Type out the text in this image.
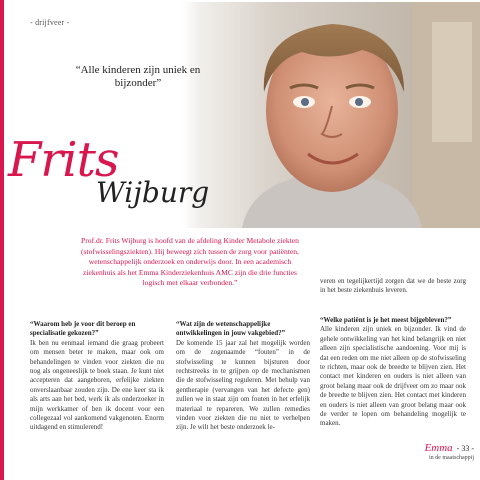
- drijfveer -
“Alle kinderen zijn uniek en bijzonder”
Frits
Wijburg
Prof.dr. Frits Wijburg is hoofd van de afdeling Kinder Metabole ziekten (stofwisselingsziekten). Hij beweegt zich tussen de zorg voor patiënten, wetenschappelijk onderzoek en onderwijs door. In een academisch ziekenhuis als het Emma Kinderziekenhuis AMC zijn die drie functies logisch met elkaar verbonden.”	veren en tegelijkertijd zorgen dat we de beste zorg in het beste ziekenhuis leveren.
“Waarom heb je voor dit beroep en specialisatie gekozen?”
Ik ben nu eenmaal iemand die graag probeert om mensen beter te maken, maar ook om behandelingen te vinden voor ziekten die nu nog als ongeneeslijk te boek staan. Je kunt niet accepteren dat aangeboren, erfelijke ziekten onverslaanbaar zouden zijn. De ene keer sta ik als arts aan het bed, werk ik als onderzoeker in mijn werkkamer of ben ik docent voor een collegezaal vol aankomend vakgenoten. Enorm uitdagend en stimulerend!
“Wat zijn de wetenschappelijke ontwikkelingen in jouw vakgebied?”
De komende 15 jaar zal het mogelijk worden om de zogenaamde “fouten” in de stofwisseling te kunnen bijsturen door rechtstreeks in te grijpen op de mechanismen die de stofwisseling reguleren. Met behulp van gentherapie (vervangen van het defecte gen) zullen we in staat zijn om fouten in het erfelijk materiaal te repareren. We zullen remedies vinden voor ziekten die nu niet te verhelpen zijn. Je wilt het beste onderzoek le-
“Welke patiënt is je het meest bijgebleven?”
Alle kinderen zijn uniek en bijzonder. Ik vind de gehele ontwikkeling van het kind belangrijk en niet alleen zijn specialistische aandoening. Voor mij is dat een reden om me niet alleen op de stofwisseling te richten, maar ook de breedte te blijven zien. Het contact met kinderen en ouders is niet alleen van groot belang maar ook de drijfveer om zo maar ook de breedte te blijven zien. Het contact met kinderen en ouders is niet alleen van groot belang maar ook de verder te lopen om behandeling mogelijk te maken.
Emma - 33 -
in de maatschappij
